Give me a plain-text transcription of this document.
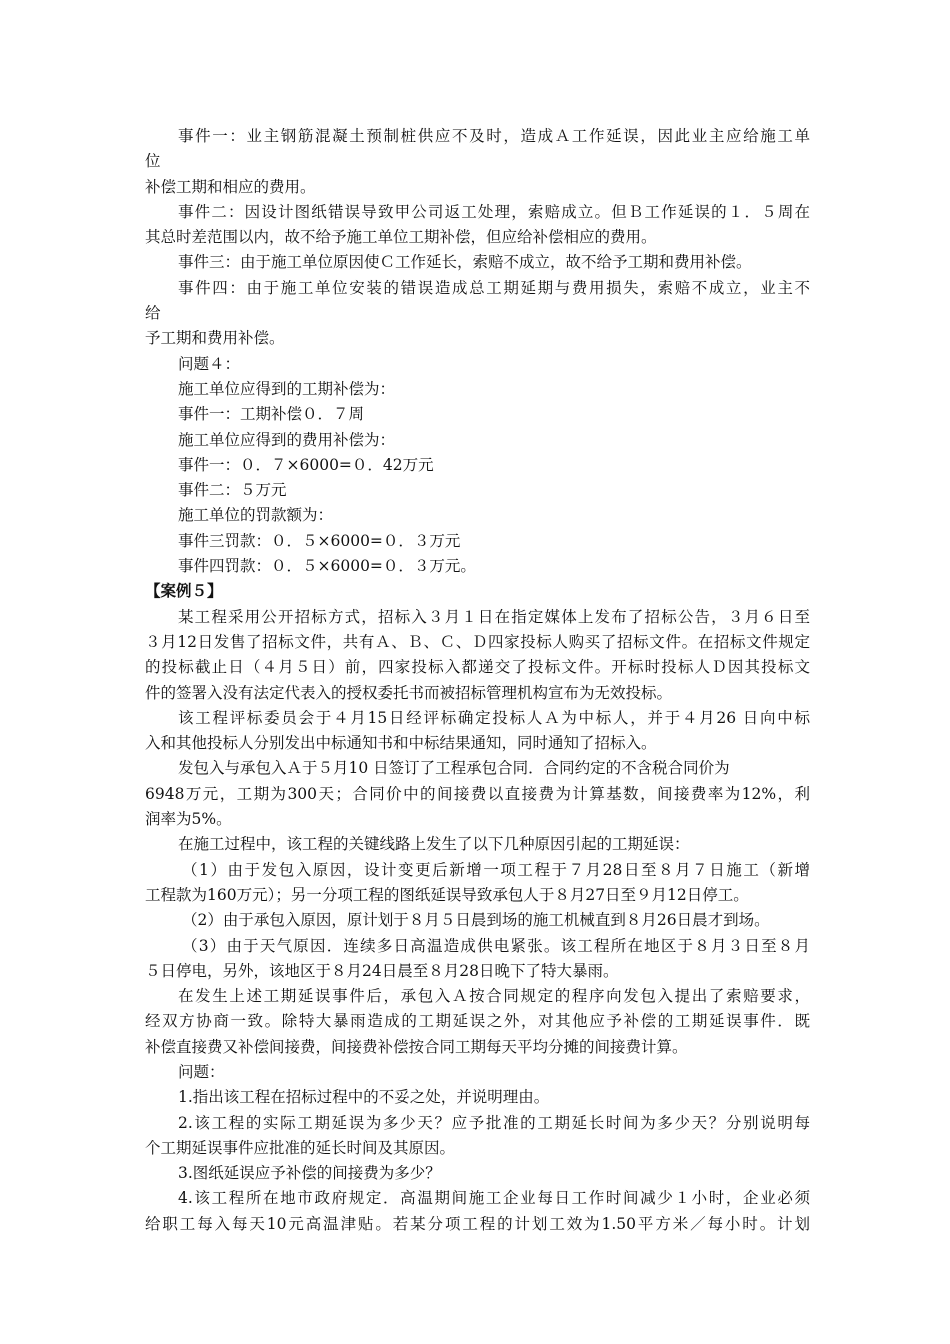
事件一：业主钢筋混凝土预制桩供应不及时，造成Ａ工作延误，因此业主应给施工单
位
补偿工期和相应的费用。
事件二：因设计图纸错误导致甲公司返工处理，索赔成立。但Ｂ工作延误的１．５周在
其总时差范围以内，故不给予施工单位工期补偿，但应给补偿相应的费用。
事件三：由于施工单位原因使Ｃ工作延长，索赔不成立，故不给予工期和费用补偿。
事件四：由于施工单位安装的错误造成总工期延期与费用损失，索赔不成立，业主不
给
予工期和费用补偿。
问题４：
施工单位应得到的工期补偿为：
事件一：工期补偿０．７周
施工单位应得到的费用补偿为：
事件一：０．７×6000=０．42万元
事件二：５万元
施工单位的罚款额为：
事件三罚款：０．５×6000=０．３万元
事件四罚款：０．５×6000=０．３万元。
【案例５】
某工程采用公开招标方式，招标入３月１日在指定媒体上发布了招标公告，３月６日至
３月12日发售了招标文件，共有Ａ、Ｂ、Ｃ、Ｄ四家投标人购买了招标文件。在招标文件规定
的投标截止日（４月５日）前，四家投标入都递交了投标文件。开标时投标人Ｄ因其投标文
件的签署入没有法定代表入的授权委托书而被招标管理机构宣布为无效投标。
该工程评标委员会于４月15日经评标确定投标人Ａ为中标人，并于４月26 日向中标
入和其他投标人分别发出中标通知书和中标结果通知，同时通知了招标入。
发包入与承包入Ａ于５月10 日签订了工程承包合同．合同约定的不含税合同价为
6948万元，工期为300天；合同价中的间接费以直接费为计算基数，间接费率为12%，利
润率为5%。
在施工过程中，该工程的关键线路上发生了以下几种原因引起的工期延误：
（1）由于发包入原因，设计变更后新增一项工程于７月28日至８月７日施工（新增
工程款为160万元）；另一分项工程的图纸延误导致承包人于８月27日至９月12日停工。
（2）由于承包入原因，原计划于８月５日晨到场的施工机械直到８月26日晨才到场。
（3）由于天气原因．连续多日高温造成供电紧张。该工程所在地区于８月３日至８月
５日停电，另外，该地区于８月24日晨至８月28日晚下了特大暴雨。
在发生上述工期延误事件后，承包入Ａ按合同规定的程序向发包入提出了索赔要求，
经双方协商一致。除特大暴雨造成的工期延误之外，对其他应予补偿的工期延误事件．既
补偿直接费又补偿间接费，间接费补偿按合同工期每天平均分摊的间接费计算。
问题：
1.指出该工程在招标过程中的不妥之处，并说明理由。
2.该工程的实际工期延误为多少天？应予批准的工期延长时间为多少天？分别说明每
个工期延误事件应批准的延长时间及其原因。
3.图纸延误应予补偿的间接费为多少？
4.该工程所在地市政府规定．高温期间施工企业每日工作时间减少１小时，企业必须
给职工每入每天10元高温津贴。若某分项工程的计划工效为1.50平方米／每小时。计划
